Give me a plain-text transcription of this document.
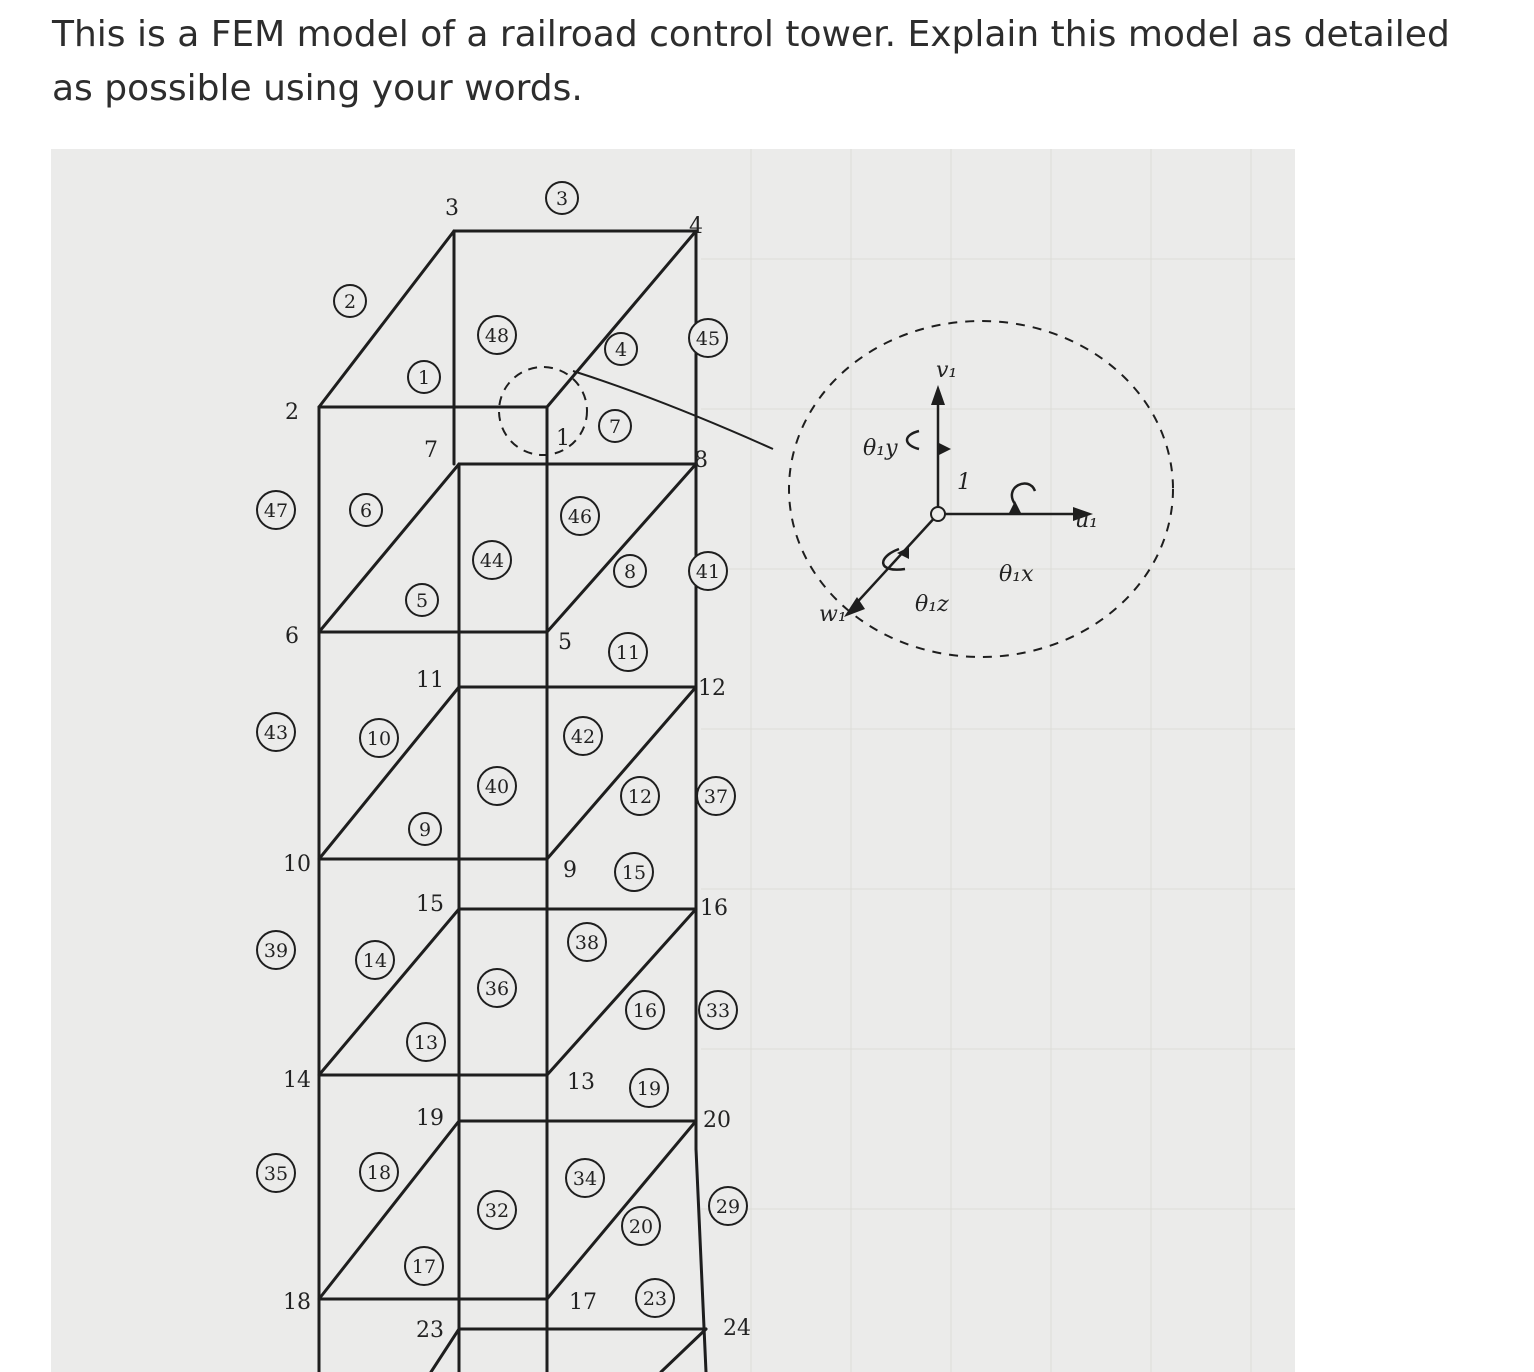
This is a FEM model of a railroad control tower. Explain this model as detailed as possible using your words.
v₁
θ₁y
1
u₁
θ₁x
w₁	θ₁z
3
4
2
7	8
6	5
11	12
10	9
15	16
14	13
19	20
18	17
23	24
1
3
2
48
4	45
1
7
47	6	46
44	8	41
5
11
43	10	42
40	12	37
9
15
39	14
38
36
16	33
13
19
35	18	34
32	29
20
17
23
